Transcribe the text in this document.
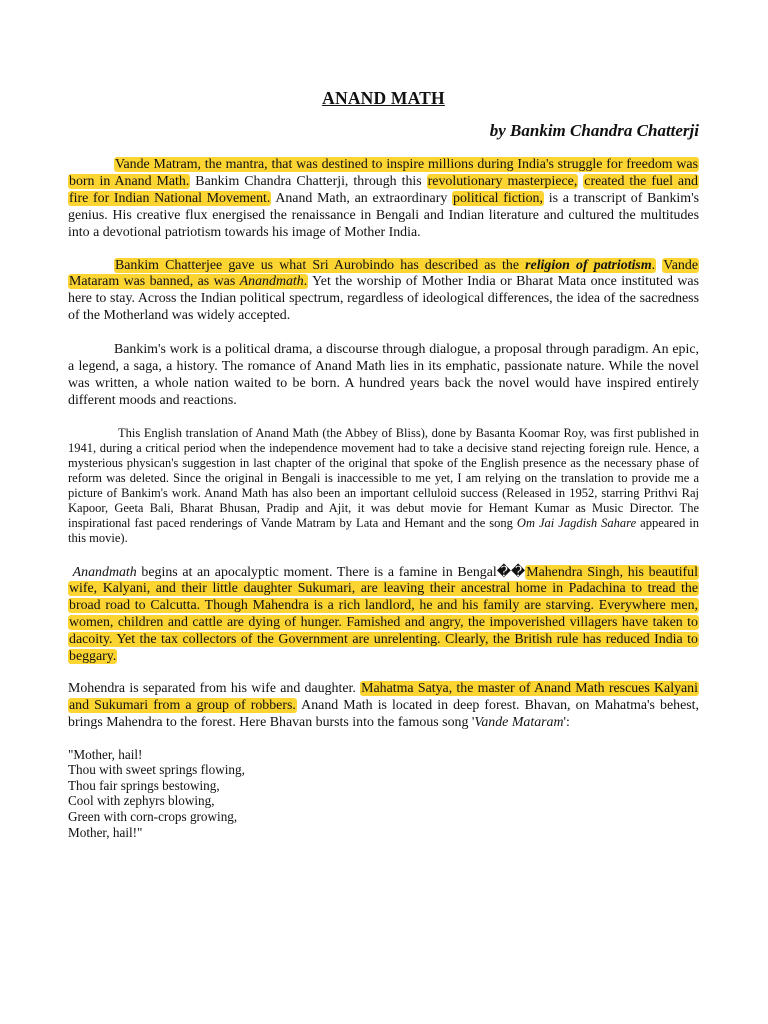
ANAND MATH
by Bankim Chandra Chatterji

Vande Matram, the mantra, that was destined to inspire millions during India's struggle for freedom was born in Anand Math. Bankim Chandra Chatterji, through this revolutionary masterpiece, created the fuel and fire for Indian National Movement. Anand Math, an extraordinary political fiction, is a transcript of Bankim's genius. His creative flux energised the renaissance in Bengali and Indian literature and cultured the multitudes into a devotional patriotism towards his image of Mother India.

Bankim Chatterjee gave us what Sri Aurobindo has described as the religion of patriotism. Vande Mataram was banned, as was Anandmath. Yet the worship of Mother India or Bharat Mata once instituted was here to stay. Across the Indian political spectrum, regardless of ideological differences, the idea of the sacredness of the Motherland was widely accepted.

Bankim's work is a political drama, a discourse through dialogue, a proposal through paradigm. An epic, a legend, a saga, a history. The romance of Anand Math lies in its emphatic, passionate nature. While the novel was written, a whole nation waited to be born. A hundred years back the novel would have inspired entirely different moods and reactions.

This English translation of Anand Math (the Abbey of Bliss), done by Basanta Koomar Roy, was first published in 1941, during a critical period when the independence movement had to take a decisive stand rejecting foreign rule. Hence, a mysterious physican's suggestion in last chapter of the original that spoke of the English presence as the necessary phase of reform was deleted. Since the original in Bengali is inaccessible to me yet, I am relying on the translation to provide me a picture of Bankim's work. Anand Math has also been an important celluloid success (Released in 1952, starring Prithvi Raj Kapoor, Geeta Bali, Bharat Bhusan, Pradip and Ajit, it was debut movie for Hemant Kumar as Music Director. The inspirational fast paced renderings of Vande Matram by Lata and Hemant and the song Om Jai Jagdish Sahare appeared in this movie).

Anandmath begins at an apocalyptic moment. There is a famine in Bengal��Mahendra Singh, his beautiful wife, Kalyani, and their little daughter Sukumari, are leaving their ancestral home in Padachina to tread the broad road to Calcutta. Though Mahendra is a rich landlord, he and his family are starving. Everywhere men, women, children and cattle are dying of hunger. Famished and angry, the impoverished villagers have taken to dacoity. Yet the tax collectors of the Government are unrelenting. Clearly, the British rule has reduced India to beggary.

Mohendra is separated from his wife and daughter. Mahatma Satya, the master of Anand Math rescues Kalyani and Sukumari from a group of robbers. Anand Math is located in deep forest. Bhavan, on Mahatma's behest, brings Mahendra to the forest. Here Bhavan bursts into the famous song 'Vande Mataram':

"Mother, hail!
Thou with sweet springs flowing,
Thou fair springs bestowing,
Cool with zephyrs blowing,
Green with corn-crops growing,
Mother, hail!"
